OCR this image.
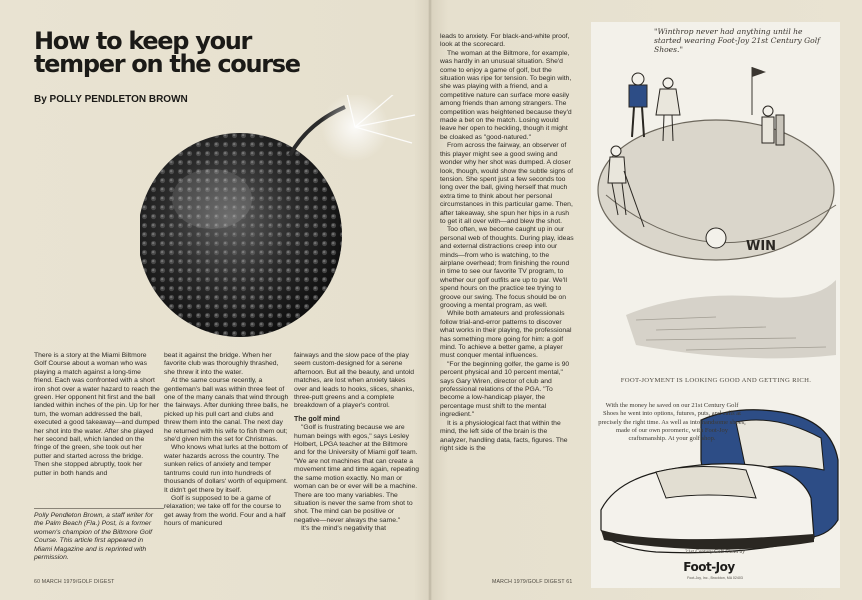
How to keep your temper on the course
By POLLY PENDLETON BROWN

There is a story at the Miami Biltmore Golf Course about a woman who was playing a match against a long-time friend. Each was confronted with a short iron shot over a water hazard to reach the green. Her opponent hit first and the ball landed within inches of the pin. Up for her turn, the woman addressed the ball, executed a good takeaway—and dumped her shot into the water. After she played her second ball, which landed on the fringe of the green, she took out her putter and started across the bridge. Then she stopped abruptly, took her putter in both hands and

Polly Pendleton Brown, a staff writer for the Palm Beach (Fla.) Post, is a former women's champion of the Biltmore Golf Course. This article first appeared in Miami Magazine and is reprinted with permission.
60 MARCH 1979/GOLF DIGEST

beat it against the bridge. When her favorite club was thoroughly thrashed, she threw it into the water.

At the same course recently, a gentleman's ball was within three feet of one of the many canals that wind through the fairways. After dunking three balls, he picked up his pull cart and clubs and threw them into the canal. The next day he returned with his wife to fish them out; she'd given him the set for Christmas.

Who knows what lurks at the bottom of water hazards across the country. The sunken relics of anxiety and temper tantrums could run into hundreds of thousands of dollars' worth of equipment. It didn't get there by itself.

Golf is supposed to be a game of relaxation; we take off for the course to get away from the world. Four and a half hours of manicured

fairways and the slow pace of the play seem custom-designed for a serene afternoon. But all the beauty, and untold matches, are lost when anxiety takes over and leads to hooks, slices, shanks, three-putt greens and a complete breakdown of a player's control.

The golf mind

"Golf is frustrating because we are human beings with egos," says Lesley Holbert, LPGA teacher at the Biltmore and for the University of Miami golf team. "We are not machines that can create a movement time and time again, repeating the same motion exactly. No man or woman can be or ever will be a machine. There are too many variables. The situation is never the same from shot to shot. The mind can be positive or negative—never always the same."

It's the mind's negativity that

leads to anxiety. For black-and-white proof, look at the scorecard.

The woman at the Biltmore, for example, was hardly in an unusual situation. She'd come to enjoy a game of golf, but the situation was ripe for tension. To begin with, she was playing with a friend, and a competitive nature can surface more easily among friends than among strangers. The competition was heightened because they'd made a bet on the match. Losing would leave her open to heckling, though it might be cloaked as "good-natured."

From across the fairway, an observer of this player might see a good swing and wonder why her shot was dumped. A closer look, though, would show the subtle signs of tension. She spent just a few seconds too long over the ball, giving herself that much extra time to think about her personal circumstances in this particular game. Then, after takeaway, she spun her hips in a rush to get it all over with—and blew the shot.

Too often, we become caught up in our personal web of thoughts. During play, ideas and external distractions creep into our minds—from who is watching, to the airplane overhead; from finishing the round in time to see our favorite TV program, to whether our golf outfits are up to par. We'll spend hours on the practice tee trying to groove our swing. The focus should be on grooving a mental program, as well.

While both amateurs and professionals follow trial-and-error patterns to discover what works in their playing, the professional has something more going for him: a golf mind. To achieve a better game, a player must conquer mental influences.

"For the beginning golfer, the game is 90 percent physical and 10 percent mental," says Gary Wiren, director of club and professional relations of the PGA. "To become a low-handicap player, the percentage must shift to the mental ingredient."

It is a physiological fact that within the mind, the left side of the brain is the analyzer, handling data, facts, figures. The right side is the

MARCH 1979/GOLF DIGEST 61
"Winthrop never had anything until he started wearing Foot-Joy 21st Century Golf Shoes."
WIN
FOOT-JOYMENT IS LOOKING GOOD AND GETTING RICH.
With the money he saved on our 21st Century Golf Shoes he went into options, futures, puts, and calls at precisely the right time. As well as into handsome shoes, made of our own poromeric, with Foot-Joy craftsmanship. At your golf shop.
21st Century Golf Shoes by
Foot-Joy
Foot-Joy, Inc., Brockton, MA 02403
